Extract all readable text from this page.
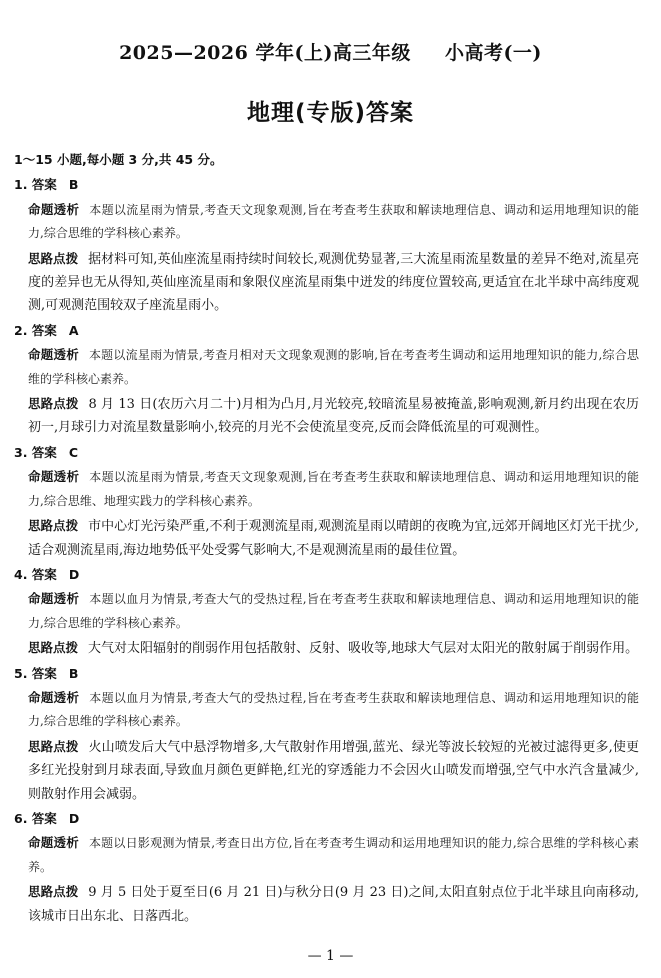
2025—2026 学年(上)高三年级 小高考(一)
地理(专版)答案
1～15 小题,每小题 3 分,共 45 分。
1. 答案 B
命题透析 本题以流星雨为情景,考查天文现象观测,旨在考查考生获取和解读地理信息、调动和运用地理知识的能力,综合思维的学科核心素养。
思路点拨 据材料可知,英仙座流星雨持续时间较长,观测优势显著,三大流星雨流星数量的差异不绝对,流星亮度的差异也无从得知,英仙座流星雨和象限仪座流星雨集中迸发的纬度位置较高,更适宜在北半球中高纬度观测,可观测范围较双子座流星雨小。
2. 答案 A
命题透析 本题以流星雨为情景,考查月相对天文现象观测的影响,旨在考查考生调动和运用地理知识的能力,综合思维的学科核心素养。
思路点拨 8 月 13 日(农历六月二十)月相为凸月,月光较亮,较暗流星易被掩盖,影响观测,新月约出现在农历初一,月球引力对流星数量影响小,较亮的月光不会使流星变亮,反而会降低流星的可观测性。
3. 答案 C
命题透析 本题以流星雨为情景,考查天文现象观测,旨在考查考生获取和解读地理信息、调动和运用地理知识的能力,综合思维、地理实践力的学科核心素养。
思路点拨 市中心灯光污染严重,不利于观测流星雨,观测流星雨以晴朗的夜晚为宜,远郊开阔地区灯光干扰少,适合观测流星雨,海边地势低平处受雾气影响大,不是观测流星雨的最佳位置。
4. 答案 D
命题透析 本题以血月为情景,考查大气的受热过程,旨在考查考生获取和解读地理信息、调动和运用地理知识的能力,综合思维的学科核心素养。
思路点拨 大气对太阳辐射的削弱作用包括散射、反射、吸收等,地球大气层对太阳光的散射属于削弱作用。
5. 答案 B
命题透析 本题以血月为情景,考查大气的受热过程,旨在考查考生获取和解读地理信息、调动和运用地理知识的能力,综合思维的学科核心素养。
思路点拨 火山喷发后大气中悬浮物增多,大气散射作用增强,蓝光、绿光等波长较短的光被过滤得更多,使更多红光投射到月球表面,导致血月颜色更鲜艳,红光的穿透能力不会因火山喷发而增强,空气中水汽含量减少,则散射作用会减弱。
6. 答案 D
命题透析 本题以日影观测为情景,考查日出方位,旨在考查考生调动和运用地理知识的能力,综合思维的学科核心素养。
思路点拨 9 月 5 日处于夏至日(6 月 21 日)与秋分日(9 月 23 日)之间,太阳直射点位于北半球且向南移动,该城市日出东北、日落西北。
— 1 —
